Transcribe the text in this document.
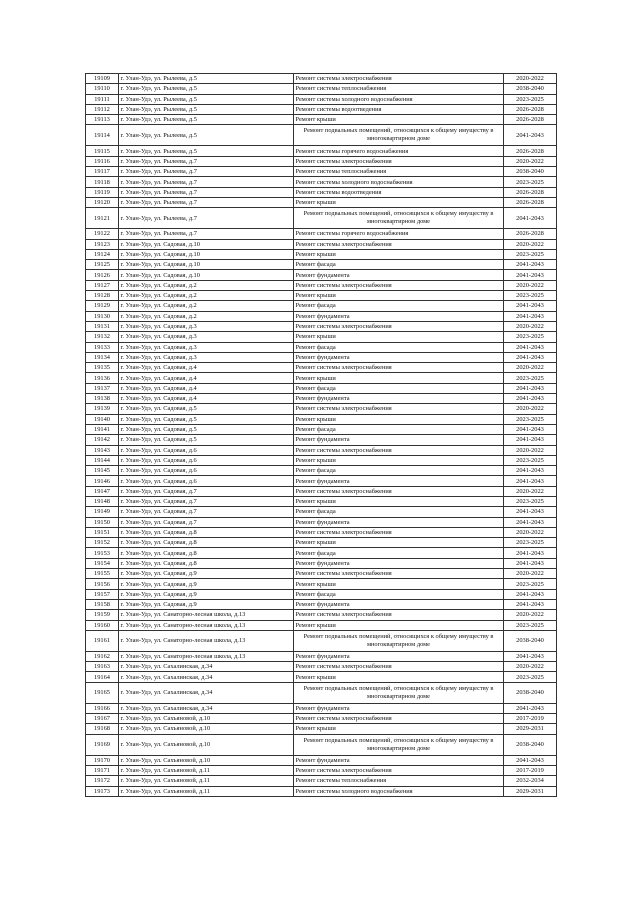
19109	г. Улан-Удэ, ул. Рылеева, д.5	Ремонт системы электроснабжения	2020-2022
19110	г. Улан-Удэ, ул. Рылеева, д.5	Ремонт системы теплоснабжения	2038-2040
19111	г. Улан-Удэ, ул. Рылеева, д.5	Ремонт системы холодного водоснабжения	2023-2025
19112	г. Улан-Удэ, ул. Рылеева, д.5	Ремонт системы водоотведения	2026-2028
19113	г. Улан-Удэ, ул. Рылеева, д.5	Ремонт крыши	2026-2028
19114	г. Улан-Удэ, ул. Рылеева, д.5	Ремонт подвальных помещений, относящихся к общему имуществу в многоквартирном доме	2041-2043
19115	г. Улан-Удэ, ул. Рылеева, д.5	Ремонт системы горячего водоснабжения	2026-2028
19116	г. Улан-Удэ, ул. Рылеева, д.7	Ремонт системы электроснабжения	2020-2022
19117	г. Улан-Удэ, ул. Рылеева, д.7	Ремонт системы теплоснабжения	2038-2040
19118	г. Улан-Удэ, ул. Рылеева, д.7	Ремонт системы холодного водоснабжения	2023-2025
19119	г. Улан-Удэ, ул. Рылеева, д.7	Ремонт системы водоотведения	2026-2028
19120	г. Улан-Удэ, ул. Рылеева, д.7	Ремонт крыши	2026-2028
19121	г. Улан-Удэ, ул. Рылеева, д.7	Ремонт подвальных помещений, относящихся к общему имуществу в многоквартирном доме	2041-2043
19122	г. Улан-Удэ, ул. Рылеева, д.7	Ремонт системы горячего водоснабжения	2026-2028
19123	г. Улан-Удэ, ул. Садовая, д.10	Ремонт системы электроснабжения	2020-2022
19124	г. Улан-Удэ, ул. Садовая, д.10	Ремонт крыши	2023-2025
19125	г. Улан-Удэ, ул. Садовая, д.10	Ремонт фасада	2041-2043
19126	г. Улан-Удэ, ул. Садовая, д.10	Ремонт фундамента	2041-2043
19127	г. Улан-Удэ, ул. Садовая, д.2	Ремонт системы электроснабжения	2020-2022
19128	г. Улан-Удэ, ул. Садовая, д.2	Ремонт крыши	2023-2025
19129	г. Улан-Удэ, ул. Садовая, д.2	Ремонт фасада	2041-2043
19130	г. Улан-Удэ, ул. Садовая, д.2	Ремонт фундамента	2041-2043
19131	г. Улан-Удэ, ул. Садовая, д.3	Ремонт системы электроснабжения	2020-2022
19132	г. Улан-Удэ, ул. Садовая, д.3	Ремонт крыши	2023-2025
19133	г. Улан-Удэ, ул. Садовая, д.3	Ремонт фасада	2041-2043
19134	г. Улан-Удэ, ул. Садовая, д.3	Ремонт фундамента	2041-2043
19135	г. Улан-Удэ, ул. Садовая, д.4	Ремонт системы электроснабжения	2020-2022
19136	г. Улан-Удэ, ул. Садовая, д.4	Ремонт крыши	2023-2025
19137	г. Улан-Удэ, ул. Садовая, д.4	Ремонт фасада	2041-2043
19138	г. Улан-Удэ, ул. Садовая, д.4	Ремонт фундамента	2041-2043
19139	г. Улан-Удэ, ул. Садовая, д.5	Ремонт системы электроснабжения	2020-2022
19140	г. Улан-Удэ, ул. Садовая, д.5	Ремонт крыши	2023-2025
19141	г. Улан-Удэ, ул. Садовая, д.5	Ремонт фасада	2041-2043
19142	г. Улан-Удэ, ул. Садовая, д.5	Ремонт фундамента	2041-2043
19143	г. Улан-Удэ, ул. Садовая, д.6	Ремонт системы электроснабжения	2020-2022
19144	г. Улан-Удэ, ул. Садовая, д.6	Ремонт крыши	2023-2025
19145	г. Улан-Удэ, ул. Садовая, д.6	Ремонт фасада	2041-2043
19146	г. Улан-Удэ, ул. Садовая, д.6	Ремонт фундамента	2041-2043
19147	г. Улан-Удэ, ул. Садовая, д.7	Ремонт системы электроснабжения	2020-2022
19148	г. Улан-Удэ, ул. Садовая, д.7	Ремонт крыши	2023-2025
19149	г. Улан-Удэ, ул. Садовая, д.7	Ремонт фасада	2041-2043
19150	г. Улан-Удэ, ул. Садовая, д.7	Ремонт фундамента	2041-2043
19151	г. Улан-Удэ, ул. Садовая, д.8	Ремонт системы электроснабжения	2020-2022
19152	г. Улан-Удэ, ул. Садовая, д.8	Ремонт крыши	2023-2025
19153	г. Улан-Удэ, ул. Садовая, д.8	Ремонт фасада	2041-2043
19154	г. Улан-Удэ, ул. Садовая, д.8	Ремонт фундамента	2041-2043
19155	г. Улан-Удэ, ул. Садовая, д.9	Ремонт системы электроснабжения	2020-2022
19156	г. Улан-Удэ, ул. Садовая, д.9	Ремонт крыши	2023-2025
19157	г. Улан-Удэ, ул. Садовая, д.9	Ремонт фасада	2041-2043
19158	г. Улан-Удэ, ул. Садовая, д.9	Ремонт фундамента	2041-2043
19159	г. Улан-Удэ, ул. Санаторно-лесная школа, д.13	Ремонт системы электроснабжения	2020-2022
19160	г. Улан-Удэ, ул. Санаторно-лесная школа, д.13	Ремонт крыши	2023-2025
19161	г. Улан-Удэ, ул. Санаторно-лесная школа, д.13	Ремонт подвальных помещений, относящихся к общему имуществу в многоквартирном доме	2038-2040
19162	г. Улан-Удэ, ул. Санаторно-лесная школа, д.13	Ремонт фундамента	2041-2043
19163	г. Улан-Удэ, ул. Сахалинская, д.34	Ремонт системы электроснабжения	2020-2022
19164	г. Улан-Удэ, ул. Сахалинская, д.34	Ремонт крыши	2023-2025
19165	г. Улан-Удэ, ул. Сахалинская, д.34	Ремонт подвальных помещений, относящихся к общему имуществу в многоквартирном доме	2038-2040
19166	г. Улан-Удэ, ул. Сахалинская, д.34	Ремонт фундамента	2041-2043
19167	г. Улан-Удэ, ул. Сахъяновой, д.10	Ремонт системы электроснабжения	2017-2019
19168	г. Улан-Удэ, ул. Сахъяновой, д.10	Ремонт крыши	2029-2031
19169	г. Улан-Удэ, ул. Сахъяновой, д.10	Ремонт подвальных помещений, относящихся к общему имуществу в многоквартирном доме	2038-2040
19170	г. Улан-Удэ, ул. Сахъяновой, д.10	Ремонт фундамента	2041-2043
19171	г. Улан-Удэ, ул. Сахъяновой, д.11	Ремонт системы электроснабжения	2017-2019
19172	г. Улан-Удэ, ул. Сахъяновой, д.11	Ремонт системы теплоснабжения	2032-2034
19173	г. Улан-Удэ, ул. Сахъяновой, д.11	Ремонт системы холодного водоснабжения	2029-2031
